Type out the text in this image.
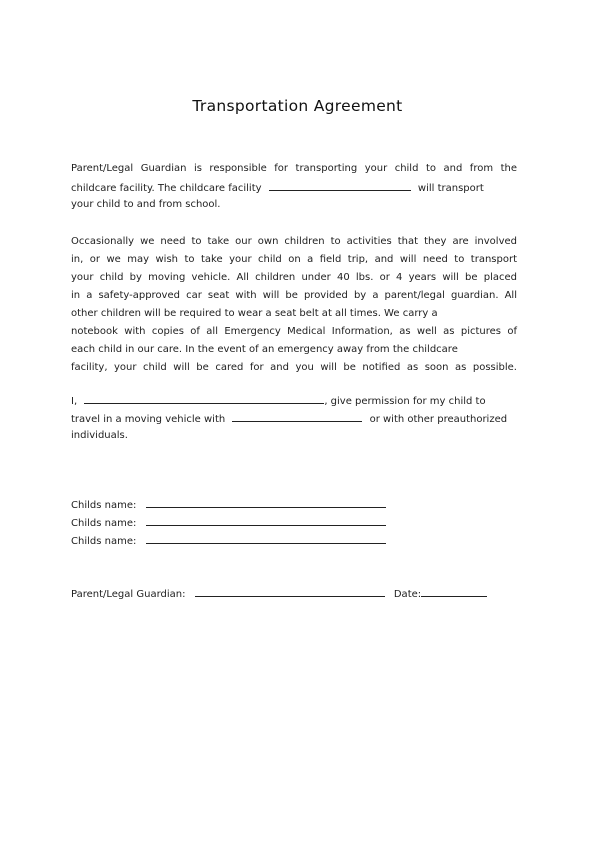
Transportation Agreement
Parent/Legal Guardian is responsible for transporting your child to and from the
childcare facility. The childcare facility	will transport
your child to and from school.
Occasionally we need to take our own children to activities that they are involved
in, or we may wish to take your child on a field trip, and will need to transport
your child by moving vehicle. All children under 40 lbs. or 4 years will be placed
in a safety-approved car seat with will be provided by a parent/legal guardian. All
other children will be required to wear a seat belt at all times. We carry a
notebook with copies of all Emergency Medical Information, as well as pictures of
each child in our care. In the event of an emergency away from the childcare
facility, your child will be cared for and you will be notified as soon as possible.
I,	, give permission for my child to
travel in a moving vehicle with	or with other preauthorized
individuals.
Childs name:
Childs name:
Childs name:
Parent/Legal Guardian:	Date:
